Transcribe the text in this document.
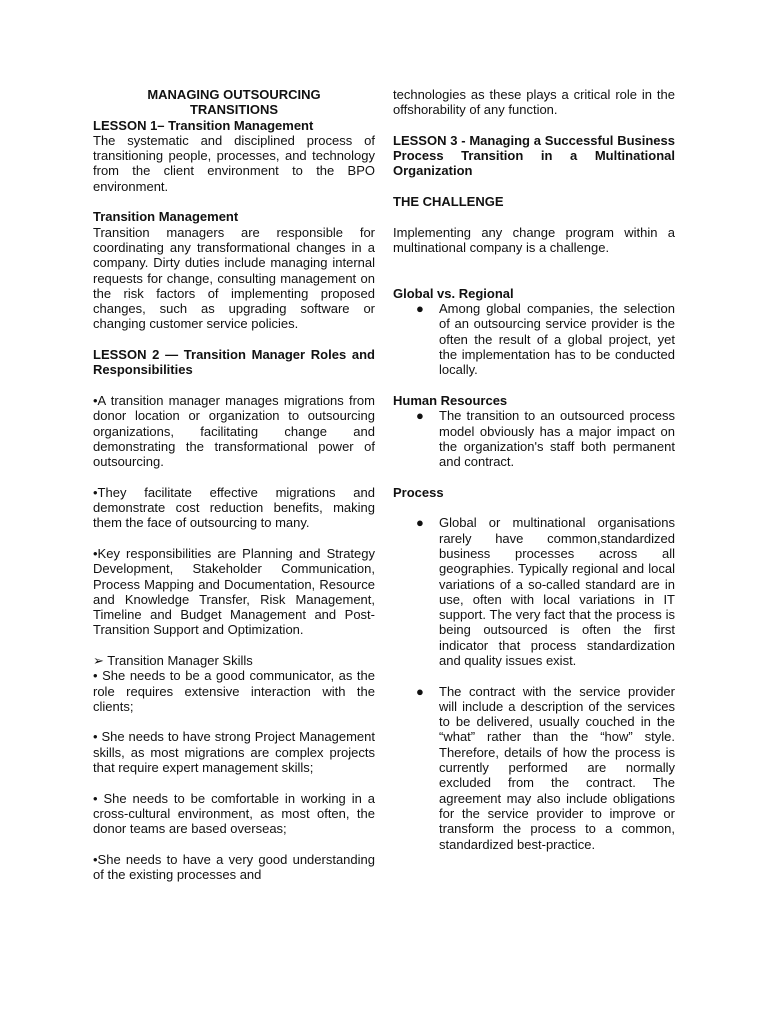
MANAGING OUTSOURCING TRANSITIONS

LESSON 1– Transition Management

The systematic and disciplined process of transitioning people, processes, and technology from the client environment to the BPO environment.

Transition Management

Transition managers are responsible for coordinating any transformational changes in a company. Dirty duties include managing internal requests for change, consulting management on the risk factors of implementing proposed changes, such as upgrading software or changing customer service policies.

LESSON 2 — Transition Manager Roles and Responsibilities

•A transition manager manages migrations from donor location or organization to outsourcing organizations, facilitating change and demonstrating the transformational power of outsourcing.

•They facilitate effective migrations and demonstrate cost reduction benefits, making them the face of outsourcing to many.

•Key responsibilities are Planning and Strategy Development, Stakeholder Communication, Process Mapping and Documentation, Resource and Knowledge Transfer, Risk Management, Timeline and Budget Management and Post-Transition Support and Optimization.

➢ Transition Manager Skills

• She needs to be a good communicator, as the role requires extensive interaction with the clients;

• She needs to have strong Project Management skills, as most migrations are complex projects that require expert management skills;

• She needs to be comfortable in working in a cross-cultural environment, as most often, the donor teams are based overseas;

•She needs to have a very good understanding of the existing processes and

technologies as these plays a critical role in the offshorability of any function.

LESSON 3 - Managing a Successful Business Process Transition in a Multinational Organization

THE CHALLENGE

Implementing any change program within a multinational company is a challenge.

Global vs. Regional

● Among global companies, the selection of an outsourcing service provider is the often the result of a global project, yet the implementation has to be conducted locally.

Human Resources

● The transition to an outsourced process model obviously has a major impact on the organization's staff both permanent and contract.

Process

● Global or multinational organisations rarely have common,standardized business processes across all geographies. Typically regional and local variations of a so-called standard are in use, often with local variations in IT support. The very fact that the process is being outsourced is often the first indicator that process standardization and quality issues exist.
● The contract with the service provider will include a description of the services to be delivered, usually couched in the “what” rather than the “how” style. Therefore, details of how the process is currently performed are normally excluded from the contract. The agreement may also include obligations for the service provider to improve or transform the process to a common, standardized best-practice.
